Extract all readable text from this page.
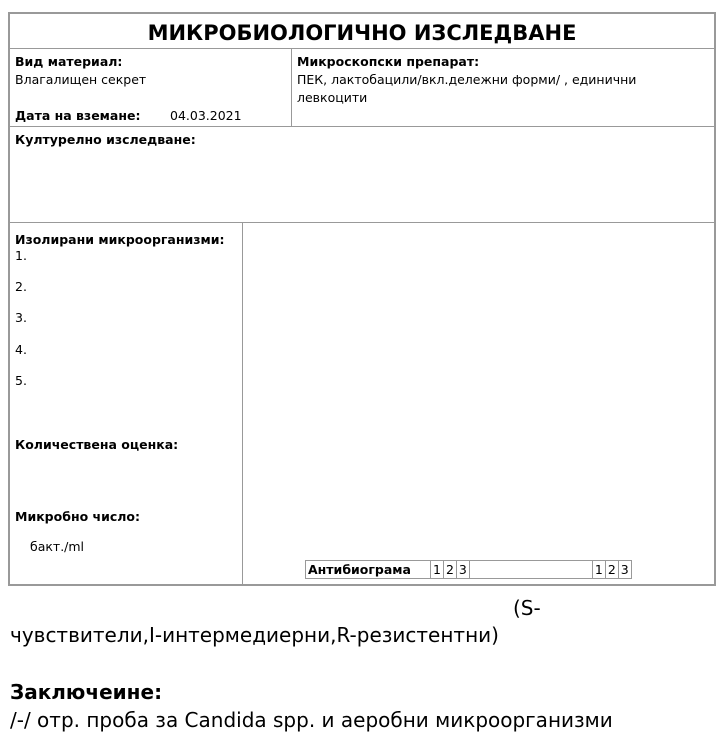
МИКРОБИОЛОГИЧНО ИЗСЛЕДВАНЕ
Вид материал:
Влагалищен секрет
Дата на вземане: 04.03.2021
Микроскопски препарат:
ПЕК, лактобацили/вкл.дележни форми/ , единични
левкоцити
Културелно изследване:
Изолирани микроорганизми:
1.
2.
3.
4.
5.
Количествена оценка:
Микробно число:
бакт./ml
Антибиограма	1	2	3		1	2	3
(S-
чувствители,I-интермедиерни,R-резистентни)
Заключеине:
/-/ отр. проба за Candida spp. и аеробни микроорганизми
